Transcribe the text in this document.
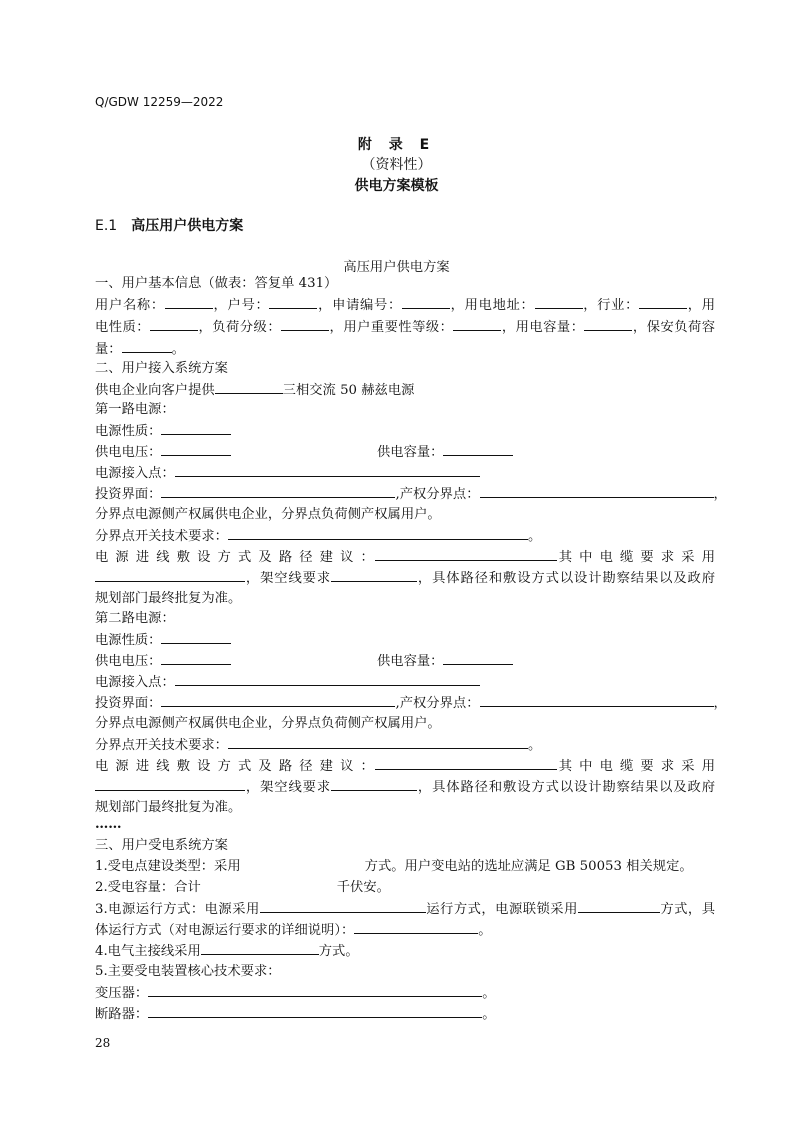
Q/GDW 12259—2022
附 录 E
（资料性）
供电方案模板
E.1 高压用户供电方案
高压用户供电方案
一、用户基本信息（做表：答复单 431）
用户名称：	，户号：	，申请编号：	，用电地址：	，行业：	，用
电性质：	，负荷分级：	，用户重要性等级：	，用电容量：	，保安负荷容
量：	。
二、用户接入系统方案
供电企业向客户提供	三相交流 50 赫兹电源
第一路电源：
电源性质：
供电电压：	供电容量：
电源接入点：
投资界面：	,产权分界点：	，
分界点电源侧产权属供电企业，分界点负荷侧产权属用户。
分界点开关技术要求：	。
电 源 进 线 敷 设 方 式 及 路 径 建 议 ：	其 中 电 缆 要 求 采 用
，架空线要求	，具体路径和敷设方式以设计勘察结果以及政府
规划部门最终批复为准。
第二路电源：
电源性质：
供电电压：	供电容量：
电源接入点：
投资界面：	,产权分界点：	，
分界点电源侧产权属供电企业，分界点负荷侧产权属用户。
分界点开关技术要求：	。
电 源 进 线 敷 设 方 式 及 路 径 建 议 ：	其 中 电 缆 要 求 采 用
，架空线要求	，具体路径和敷设方式以设计勘察结果以及政府
规划部门最终批复为准。
……
三、用户受电系统方案
1.受电点建设类型：采用	方式。用户变电站的选址应满足 GB 50053 相关规定。
2.受电容量：合计	千伏安。
3.电源运行方式：电源采用	运行方式，电源联锁采用	方式，具
体运行方式（对电源运行要求的详细说明）：	。
4.电气主接线采用	方式。
5.主要受电装置核心技术要求：
变压器：	。
断路器：	。
28
